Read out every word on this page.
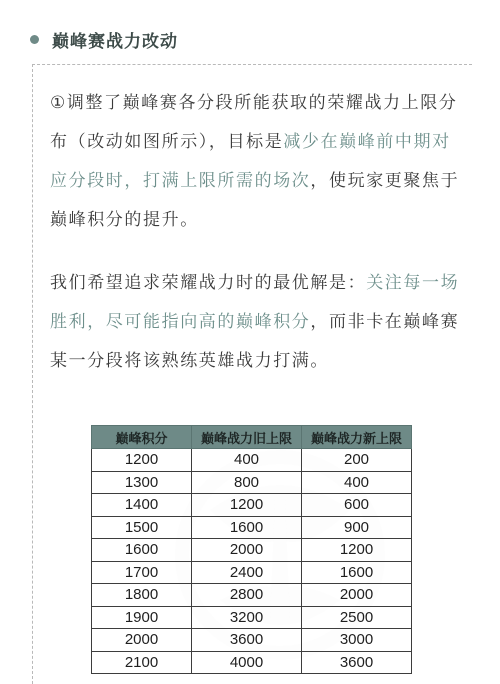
巅峰赛战力改动

①调整了巅峰赛各分段所能获取的荣耀战力上限分布（改动如图所示），目标是减少在巅峰前中期对应分段时，打满上限所需的场次，使玩家更聚焦于巅峰积分的提升。

我们希望追求荣耀战力时的最优解是：关注每一场胜利，尽可能指向高的巅峰积分，而非卡在巅峰赛某一分段将该熟练英雄战力打满。

巅峰积分	巅峰战力旧上限	巅峰战力新上限
1200	400	200
1300	800	400
1400	1200	600
1500	1600	900
1600	2000	1200
1700	2400	1600
1800	2800	2000
1900	3200	2500
2000	3600	3000
2100	4000	3600
